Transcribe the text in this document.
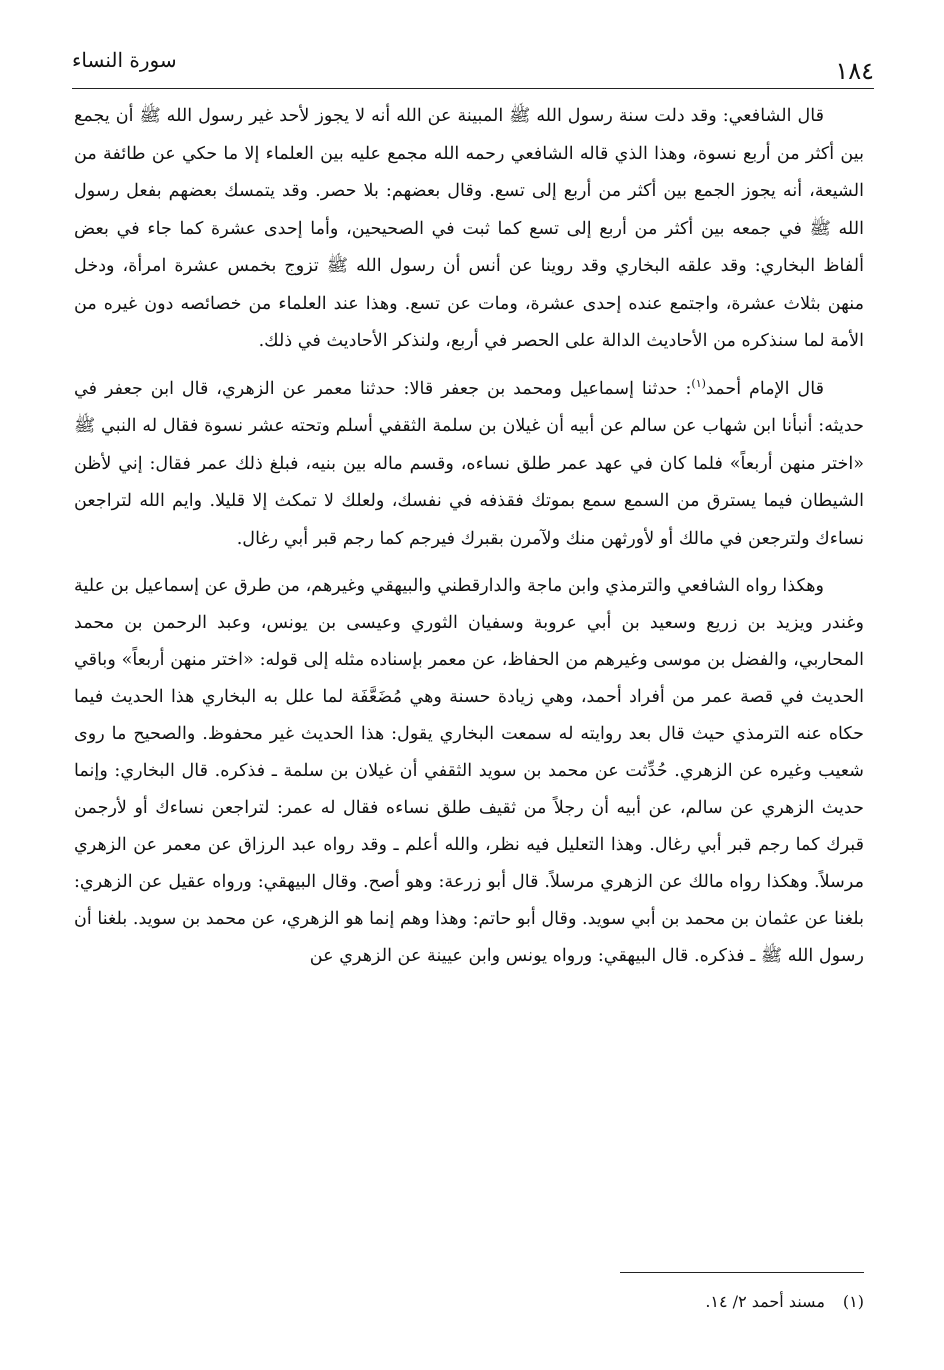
١٨٤
سورة النساء

قال الشافعي: وقد دلت سنة رسول الله ﷺ المبينة عن الله أنه لا يجوز لأحد غير رسول الله ﷺ أن يجمع بين أكثر من أربع نسوة، وهذا الذي قاله الشافعي رحمه الله مجمع عليه بين العلماء إلا ما حكي عن طائفة من الشيعة، أنه يجوز الجمع بين أكثر من أربع إلى تسع. وقال بعضهم: بلا حصر. وقد يتمسك بعضهم بفعل رسول الله ﷺ في جمعه بين أكثر من أربع إلى تسع كما ثبت في الصحيحين، وأما إحدى عشرة كما جاء في بعض ألفاظ البخاري: وقد علقه البخاري وقد روينا عن أنس أن رسول الله ﷺ تزوج بخمس عشرة امرأة، ودخل منهن بثلاث عشرة، واجتمع عنده إحدى عشرة، ومات عن تسع. وهذا عند العلماء من خصائصه دون غيره من الأمة لما سنذكره من الأحاديث الدالة على الحصر في أربع، ولنذكر الأحاديث في ذلك.

قال الإمام أحمد$^{(١)}$: حدثنا إسماعيل ومحمد بن جعفر قالا: حدثنا معمر عن الزهري، قال ابن جعفر في حديثه: أنبأنا ابن شهاب عن سالم عن أبيه أن غيلان بن سلمة الثقفي أسلم وتحته عشر نسوة فقال له النبي ﷺ «اختر منهن أربعاً» فلما كان في عهد عمر طلق نساءه، وقسم ماله بين بنيه، فبلغ ذلك عمر فقال: إني لأظن الشيطان فيما يسترق من السمع سمع بموتك فقذفه في نفسك، ولعلك لا تمكث إلا قليلا. وايم الله لتراجعن نساءك ولترجعن في مالك أو لأورثهن منك ولآمرن بقبرك فيرجم كما رجم قبر أبي رغال.

وهكذا رواه الشافعي والترمذي وابن ماجة والدارقطني والبيهقي وغيرهم، من طرق عن إسماعيل بن علية وغندر ويزيد بن زريع وسعيد بن أبي عروبة وسفيان الثوري وعيسى بن يونس، وعبد الرحمن بن محمد المحاربي، والفضل بن موسى وغيرهم من الحفاظ، عن معمر بإسناده مثله إلى قوله: «اختر منهن أربعاً» وباقي الحديث في قصة عمر من أفراد أحمد، وهي زيادة حسنة وهي مُضَعَّفَة لما علل به البخاري هذا الحديث فيما حكاه عنه الترمذي حيث قال بعد روايته له سمعت البخاري يقول: هذا الحديث غير محفوظ. والصحيح ما روى شعيب وغيره عن الزهري. حُدِّثت عن محمد بن سويد الثقفي أن غيلان بن سلمة ـ فذكره. قال البخاري: وإنما حديث الزهري عن سالم، عن أبيه أن رجلاً من ثقيف طلق نساءه فقال له عمر: لتراجعن نساءك أو لأرجمن قبرك كما رجم قبر أبي رغال. وهذا التعليل فيه نظر، والله أعلم ـ وقد رواه عبد الرزاق عن معمر عن الزهري مرسلاً. وهكذا رواه مالك عن الزهري مرسلاً. قال أبو زرعة: وهو أصح. وقال البيهقي: ورواه عقيل عن الزهري: بلغنا عن عثمان بن محمد بن أبي سويد. وقال أبو حاتم: وهذا وهم إنما هو الزهري، عن محمد بن سويد. بلغنا أن رسول الله ﷺ ـ فذكره. قال البيهقي: ورواه يونس وابن عيينة عن الزهري عن

(١)مسند أحمد ٢/ ١٤.
